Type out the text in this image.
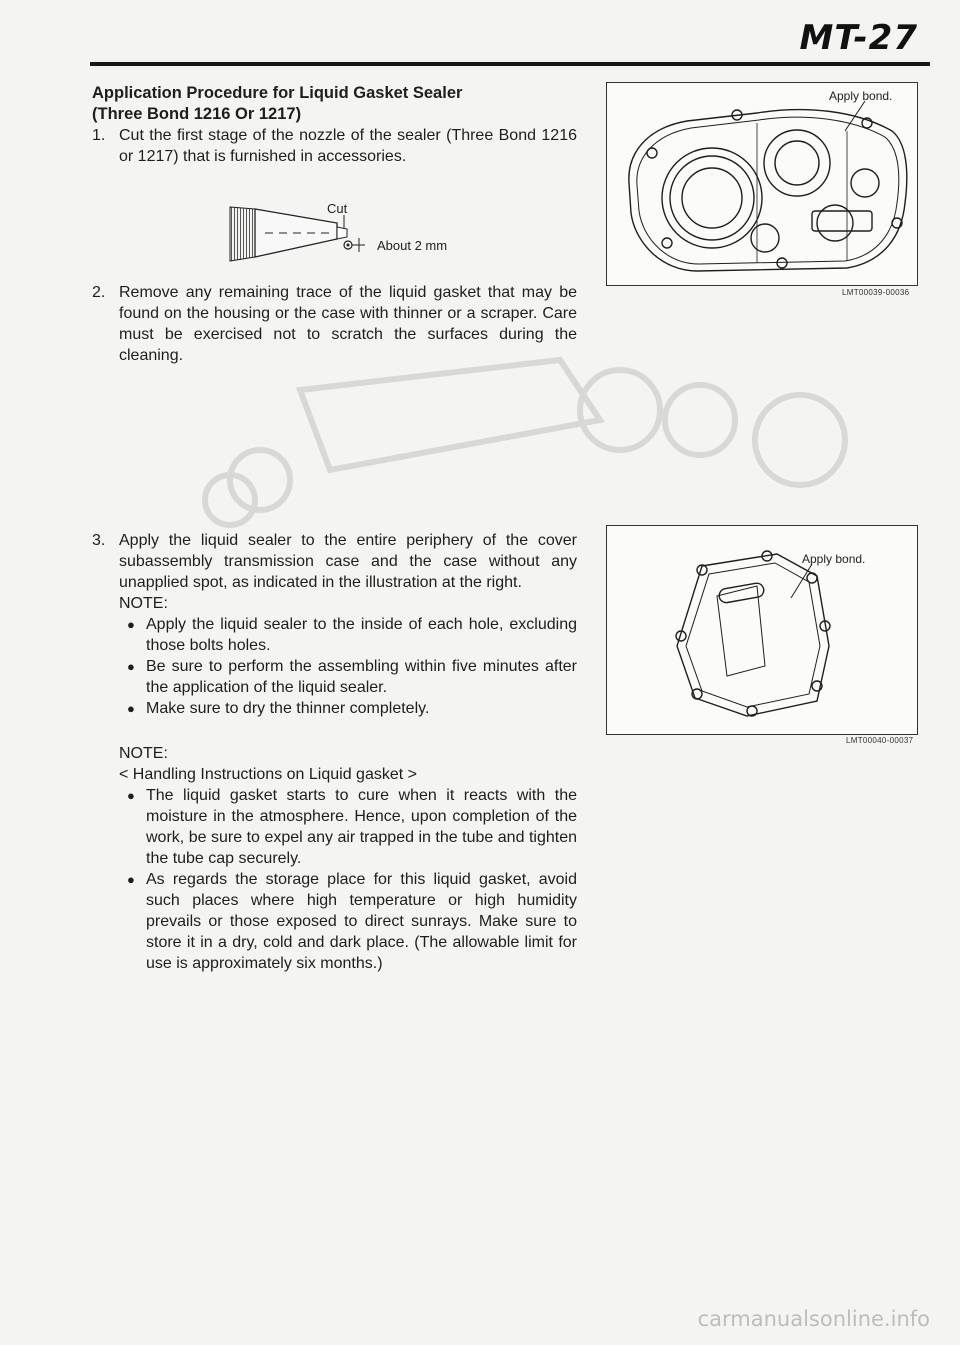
MT-27
Application Procedure for Liquid Gasket Sealer
(Three Bond 1216 Or 1217)
1. Cut the first stage of the nozzle of the sealer (Three Bond 1216 or 1217) that is furnished in accessories.
Cut
About 2 mm
2. Remove any remaining trace of the liquid gasket that may be found on the housing or the case with thinner or a scraper. Care must be exercised not to scratch the surfaces during the cleaning.
3. Apply the liquid sealer to the entire periphery of the cover subassembly transmission case and the case without any unapplied spot, as indicated in the illustration at the right.
NOTE:
● Apply the liquid sealer to the inside of each hole, excluding those bolts holes.
● Be sure to perform the assembling within five minutes after the application of the liquid sealer.
● Make sure to dry the thinner completely.
NOTE:
< Handling Instructions on Liquid gasket >
● The liquid gasket starts to cure when it reacts with the moisture in the atmosphere. Hence, upon completion of the work, be sure to expel any air trapped in the tube and tighten the tube cap securely.
● As regards the storage place for this liquid gasket, avoid such places where high temperature or high humidity prevails or those exposed to direct sunrays. Make sure to store it in a dry, cold and dark place. (The allowable limit for use is approximately six months.)
Apply bond.
LMT00039-00036
Apply bond.
LMT00040-00037
carmanualsonline.info
